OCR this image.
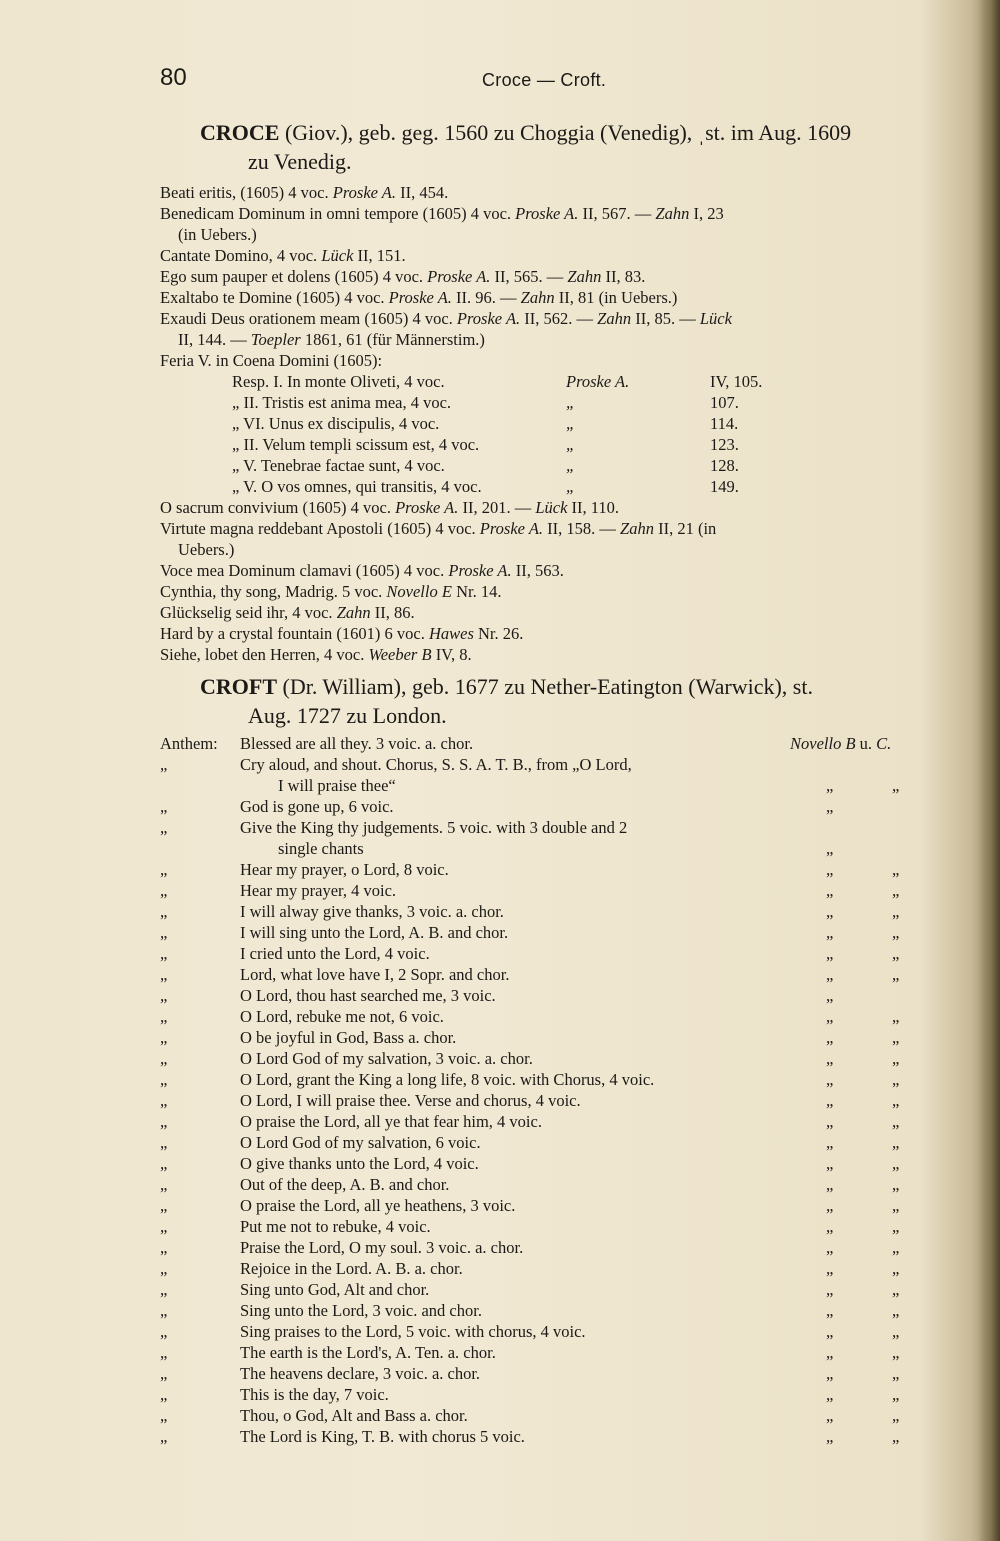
80	Croce — Croft.
CROCE (Giov.), geb. geg. 1560 zu Choggia (Venedig), ˌst. im Aug. 1609
zu Venedig.
Beati eritis, (1605) 4 voc. Proske A. II, 454.
Benedicam Dominum in omni tempore (1605) 4 voc. Proske A. II, 567. — Zahn I, 23
(in Uebers.)
Cantate Domino, 4 voc. Lück II, 151.
Ego sum pauper et dolens (1605) 4 voc. Proske A. II, 565. — Zahn II, 83.
Exaltabo te Domine (1605) 4 voc. Proske A. II. 96. — Zahn II, 81 (in Uebers.)
Exaudi Deus orationem meam (1605) 4 voc. Proske A. II, 562. — Zahn II, 85. — Lück
II, 144. — Toepler 1861, 61 (für Männerstim.)
Feria V. in Coena Domini (1605):
Resp. I. In monte Oliveti, 4 voc.	Proske A.	IV, 105.
„ II. Tristis est anima mea, 4 voc.	„	107.
„ VI. Unus ex discipulis, 4 voc.	„	114.
„ II. Velum templi scissum est, 4 voc.	„	123.
„ V. Tenebrae factae sunt, 4 voc.	„	128.
„ V. O vos omnes, qui transitis, 4 voc.	„	149.
O sacrum convivium (1605) 4 voc. Proske A. II, 201. — Lück II, 110.
Virtute magna reddebant Apostoli (1605) 4 voc. Proske A. II, 158. — Zahn II, 21 (in
Uebers.)
Voce mea Dominum clamavi (1605) 4 voc. Proske A. II, 563.
Cynthia, thy song, Madrig. 5 voc. Novello E Nr. 14.
Glückselig seid ihr, 4 voc. Zahn II, 86.
Hard by a crystal fountain (1601) 6 voc. Hawes Nr. 26.
Siehe, lobet den Herren, 4 voc. Weeber B IV, 8.
CROFT (Dr. William), geb. 1677 zu Nether-Eatington (Warwick), st.
Aug. 1727 zu London.
Anthem: Blessed are all they. 3 voic. a. chor.	Novello B u. C.
„	Cry aloud, and shout. Chorus, S. S. A. T. B., from „O Lord,
I will praise thee“	„	„
„	God is gone up, 6 voic.	„
„	Give the King thy judgements. 5 voic. with 3 double and 2
single chants	„
„	Hear my prayer, o Lord, 8 voic.	„	„
„	Hear my prayer, 4 voic.	„	„
„	I will alway give thanks, 3 voic. a. chor.	„	„
„	I will sing unto the Lord, A. B. and chor.	„	„
„	I cried unto the Lord, 4 voic.	„	„
„	Lord, what love have I, 2 Sopr. and chor.	„	„
„	O Lord, thou hast searched me, 3 voic.	„
„	O Lord, rebuke me not, 6 voic.	„	„
„	O be joyful in God, Bass a. chor.	„	„
„	O Lord God of my salvation, 3 voic. a. chor.	„	„
„	O Lord, grant the King a long life, 8 voic. with Chorus, 4 voic.	„	„
„	O Lord, I will praise thee. Verse and chorus, 4 voic.	„	„
„	O praise the Lord, all ye that fear him, 4 voic.	„	„
„	O Lord God of my salvation, 6 voic.	„	„
„	O give thanks unto the Lord, 4 voic.	„	„
„	Out of the deep, A. B. and chor.	„	„
„	O praise the Lord, all ye heathens, 3 voic.	„	„
„	Put me not to rebuke, 4 voic.	„	„
„	Praise the Lord, O my soul. 3 voic. a. chor.	„	„
„	Rejoice in the Lord. A. B. a. chor.	„	„
„	Sing unto God, Alt and chor.	„	„
„	Sing unto the Lord, 3 voic. and chor.	„	„
„	Sing praises to the Lord, 5 voic. with chorus, 4 voic.	„	„
„	The earth is the Lord's, A. Ten. a. chor.	„	„
„	The heavens declare, 3 voic. a. chor.	„	„
„	This is the day, 7 voic.	„	„
„	Thou, o God, Alt and Bass a. chor.	„	„
„	The Lord is King, T. B. with chorus 5 voic.	„	„
